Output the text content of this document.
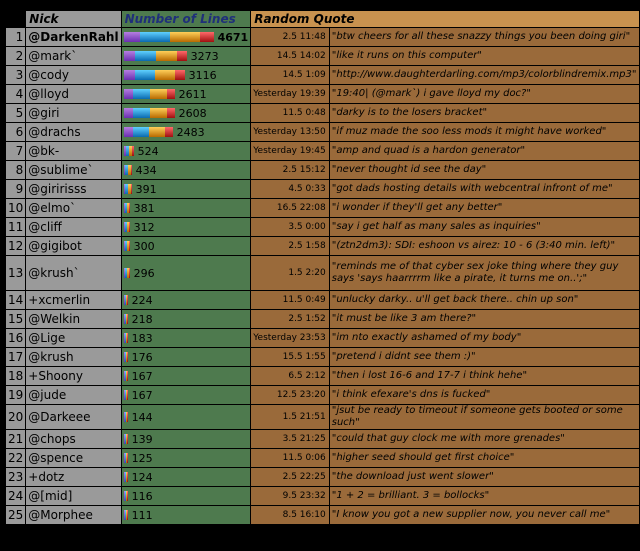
	Nick	Number of Lines	Random Quote	
1	@DarkenRahl	4671	2.5 11:48	"btw cheers for all these snazzy things you been doing giri"
2	@mark`	3273	14.5 14:02	"like it runs on this computer"
3	@cody	3116	14.5 1:09	"http://www.daughterdarling.com/mp3/colorblindremix.mp3"
4	@lloyd	2611	Yesterday 19:39	"19:40| (@mark`) i gave lloyd my doc?"
5	@giri	2608	11.5 0:48	"darky is to the losers bracket"
6	@drachs	2483	Yesterday 13:50	"if muz made the soo less mods it might have worked"
7	@bk-	524	Yesterday 19:45	"amp and quad is a hardon generator"
8	@sublime`	434	2.5 15:12	"never thought id see the day"
9	@giririsss	391	4.5 0:33	"got dads hosting details with webcentral infront of me"
10	@elmo`	381	16.5 22:08	"i wonder if they'll get any better"
11	@cliff	312	3.5 0:00	"say i get half as many sales as inquiries"
12	@gigibot	300	2.5 1:58	"(ztn2dm3): SDI: eshoon vs airez: 10 - 6 (3:40 min. left)"
13	@krush`	296	1.5 2:20	"reminds me of that cyber sex joke thing where they guy says 'says haarrrrm like a pirate, it turns me on..';"
14	+xcmerlin	224	11.5 0:49	"unlucky darky.. u'll get back there.. chin up son"
15	@Welkin	218	2.5 1:52	"it must be like 3 am there?"
16	@Lige	183	Yesterday 23:53	"im nto exactly ashamed of my body"
17	@krush	176	15.5 1:55	"pretend i didnt see them :)"
18	+Shoony	167	6.5 2:12	"then i lost 16-6 and 17-7 i think hehe"
19	@jude	167	12.5 23:20	"i think efexare's dns is fucked"
20	@Darkeee	144	1.5 21:51	"jsut be ready to timeout if someone gets booted or some such"
21	@chops	139	3.5 21:25	"could that guy clock me with more grenades"
22	@spence	125	11.5 0:06	"higher seed should get first choice"
23	+dotz	124	2.5 22:25	"the download just went slower"
24	@[mid]	116	9.5 23:32	"1 + 2 = brilliant. 3 = bollocks"
25	@Morphee	111	8.5 16:10	"I know you got a new supplier now, you never call me"
